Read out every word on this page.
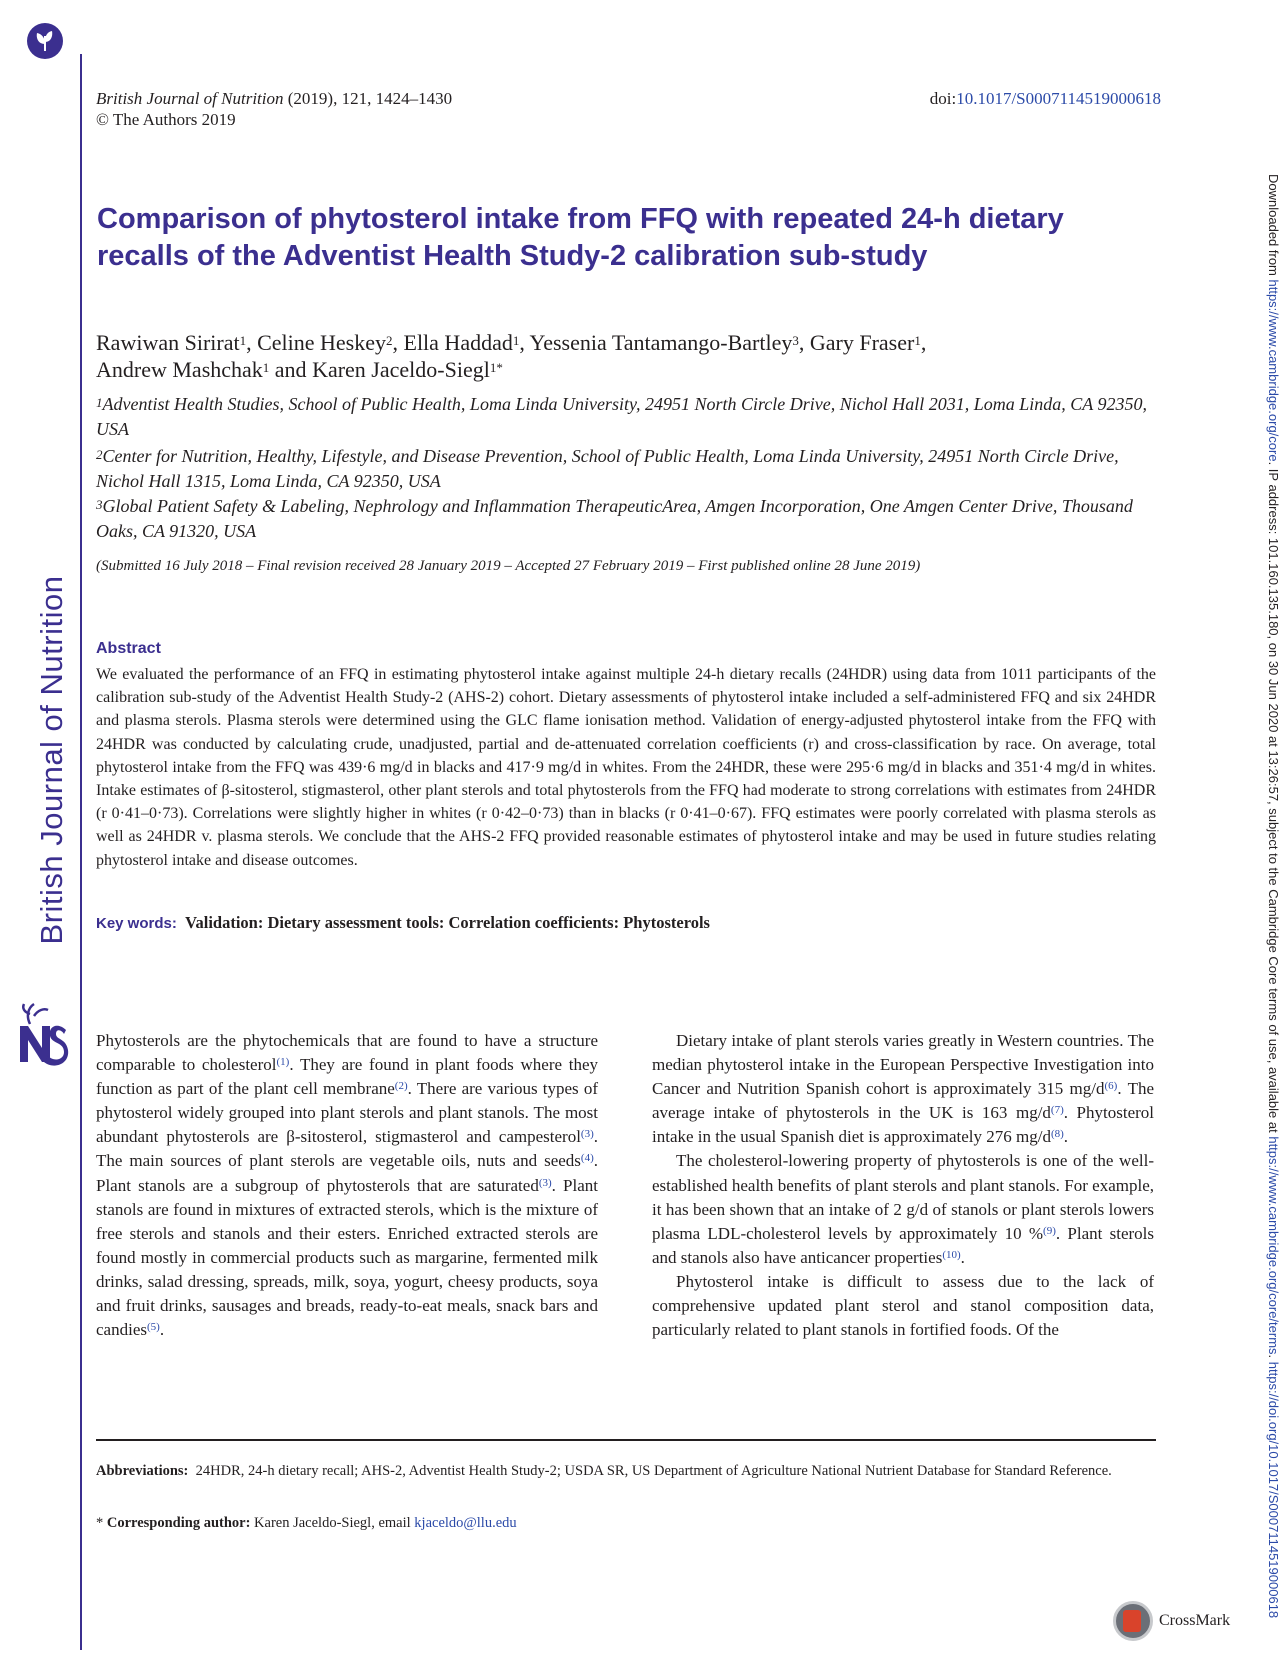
British Journal of Nutrition
Downloaded from https://www.cambridge.org/core. IP address: 101.160.135.180, on 30 Jun 2020 at 13:26:57, subject to the Cambridge Core terms of use, available at https://www.cambridge.org/core/terms. https://doi.org/10.1017/S0007114519000618
British Journal of Nutrition (2019), 121, 1424–1430
© The Authors 2019
doi:10.1017/S0007114519000618
Comparison of phytosterol intake from FFQ with repeated 24-h dietary recalls of the Adventist Health Study-2 calibration sub-study
Rawiwan Sirirat$^1$, Celine Heskey$^2$, Ella Haddad$^1$, Yessenia Tantamango-Bartley$^3$, Gary Fraser$^1$,
Andrew Mashchak$^1$ and Karen Jaceldo-Siegl$^{1*}$
$^1$Adventist Health Studies, School of Public Health, Loma Linda University, 24951 North Circle Drive, Nichol Hall 2031, Loma Linda, CA 92350, USA
$^2$Center for Nutrition, Healthy, Lifestyle, and Disease Prevention, School of Public Health, Loma Linda University, 24951 North Circle Drive, Nichol Hall 1315, Loma Linda, CA 92350, USA
$^3$Global Patient Safety & Labeling, Nephrology and Inflammation TherapeuticArea, Amgen Incorporation, One Amgen Center Drive, Thousand Oaks, CA 91320, USA
(Submitted 16 July 2018 – Final revision received 28 January 2019 – Accepted 27 February 2019 – First published online 28 June 2019)
Abstract
We evaluated the performance of an FFQ in estimating phytosterol intake against multiple 24-h dietary recalls (24HDR) using data from 1011 participants of the calibration sub-study of the Adventist Health Study-2 (AHS-2) cohort. Dietary assessments of phytosterol intake included a self-administered FFQ and six 24HDR and plasma sterols. Plasma sterols were determined using the GLC flame ionisation method. Validation of energy-adjusted phytosterol intake from the FFQ with 24HDR was conducted by calculating crude, unadjusted, partial and de-attenuated correlation coefficients (r) and cross-classification by race. On average, total phytosterol intake from the FFQ was 439·6 mg/d in blacks and 417·9 mg/d in whites. From the 24HDR, these were 295·6 mg/d in blacks and 351·4 mg/d in whites. Intake estimates of β-sitosterol, stigmasterol, other plant sterols and total phytosterols from the FFQ had moderate to strong correlations with estimates from 24HDR (r 0·41–0·73). Correlations were slightly higher in whites (r 0·42–0·73) than in blacks (r 0·41–0·67). FFQ estimates were poorly correlated with plasma sterols as well as 24HDR v. plasma sterols. We conclude that the AHS-2 FFQ provided reasonable estimates of phytosterol intake and may be used in future studies relating phytosterol intake and disease outcomes.
Key words: Validation: Dietary assessment tools: Correlation coefficients: Phytosterols

Phytosterols are the phytochemicals that are found to have a structure comparable to cholesterol$^{(1)}$. They are found in plant foods where they function as part of the plant cell membrane$^{(2)}$. There are various types of phytosterol widely grouped into plant sterols and plant stanols. The most abundant phytosterols are β-sitosterol, stigmasterol and campesterol$^{(3)}$. The main sources of plant sterols are vegetable oils, nuts and seeds$^{(4)}$. Plant stanols are a subgroup of phytosterols that are saturated$^{(3)}$. Plant stanols are found in mixtures of extracted sterols, which is the mixture of free sterols and stanols and their esters. Enriched extracted sterols are found mostly in commercial products such as margarine, fermented milk drinks, salad dressing, spreads, milk, soya, yogurt, cheesy products, soya and fruit drinks, sausages and breads, ready-to-eat meals, snack bars and candies$^{(5)}$.

Dietary intake of plant sterols varies greatly in Western countries. The median phytosterol intake in the European Perspective Investigation into Cancer and Nutrition Spanish cohort is approximately 315 $mg/d^{(6)}$. The average intake of phytosterols in the UK is 163 $mg/d^{(7)}$. Phytosterol intake in the usual Spanish diet is approximately 276 $mg/d^{(8)}$.

The cholesterol-lowering property of phytosterols is one of the well-established health benefits of plant sterols and plant stanols. For example, it has been shown that an intake of 2 g/d of stanols or plant sterols lowers plasma LDL-cholesterol levels by approximately 10 %$^{(9)}$. Plant sterols and stanols also have anticancer properties$^{(10)}$.

Phytosterol intake is difficult to assess due to the lack of comprehensive updated plant sterol and stanol composition data, particularly related to plant stanols in fortified foods. Of the

Abbreviations: 24HDR, 24-h dietary recall; AHS-2, Adventist Health Study-2; USDA SR, US Department of Agriculture National Nutrient Database for Standard Reference.
* Corresponding author: Karen Jaceldo-Siegl, email kjaceldo@llu.edu
CrossMark
